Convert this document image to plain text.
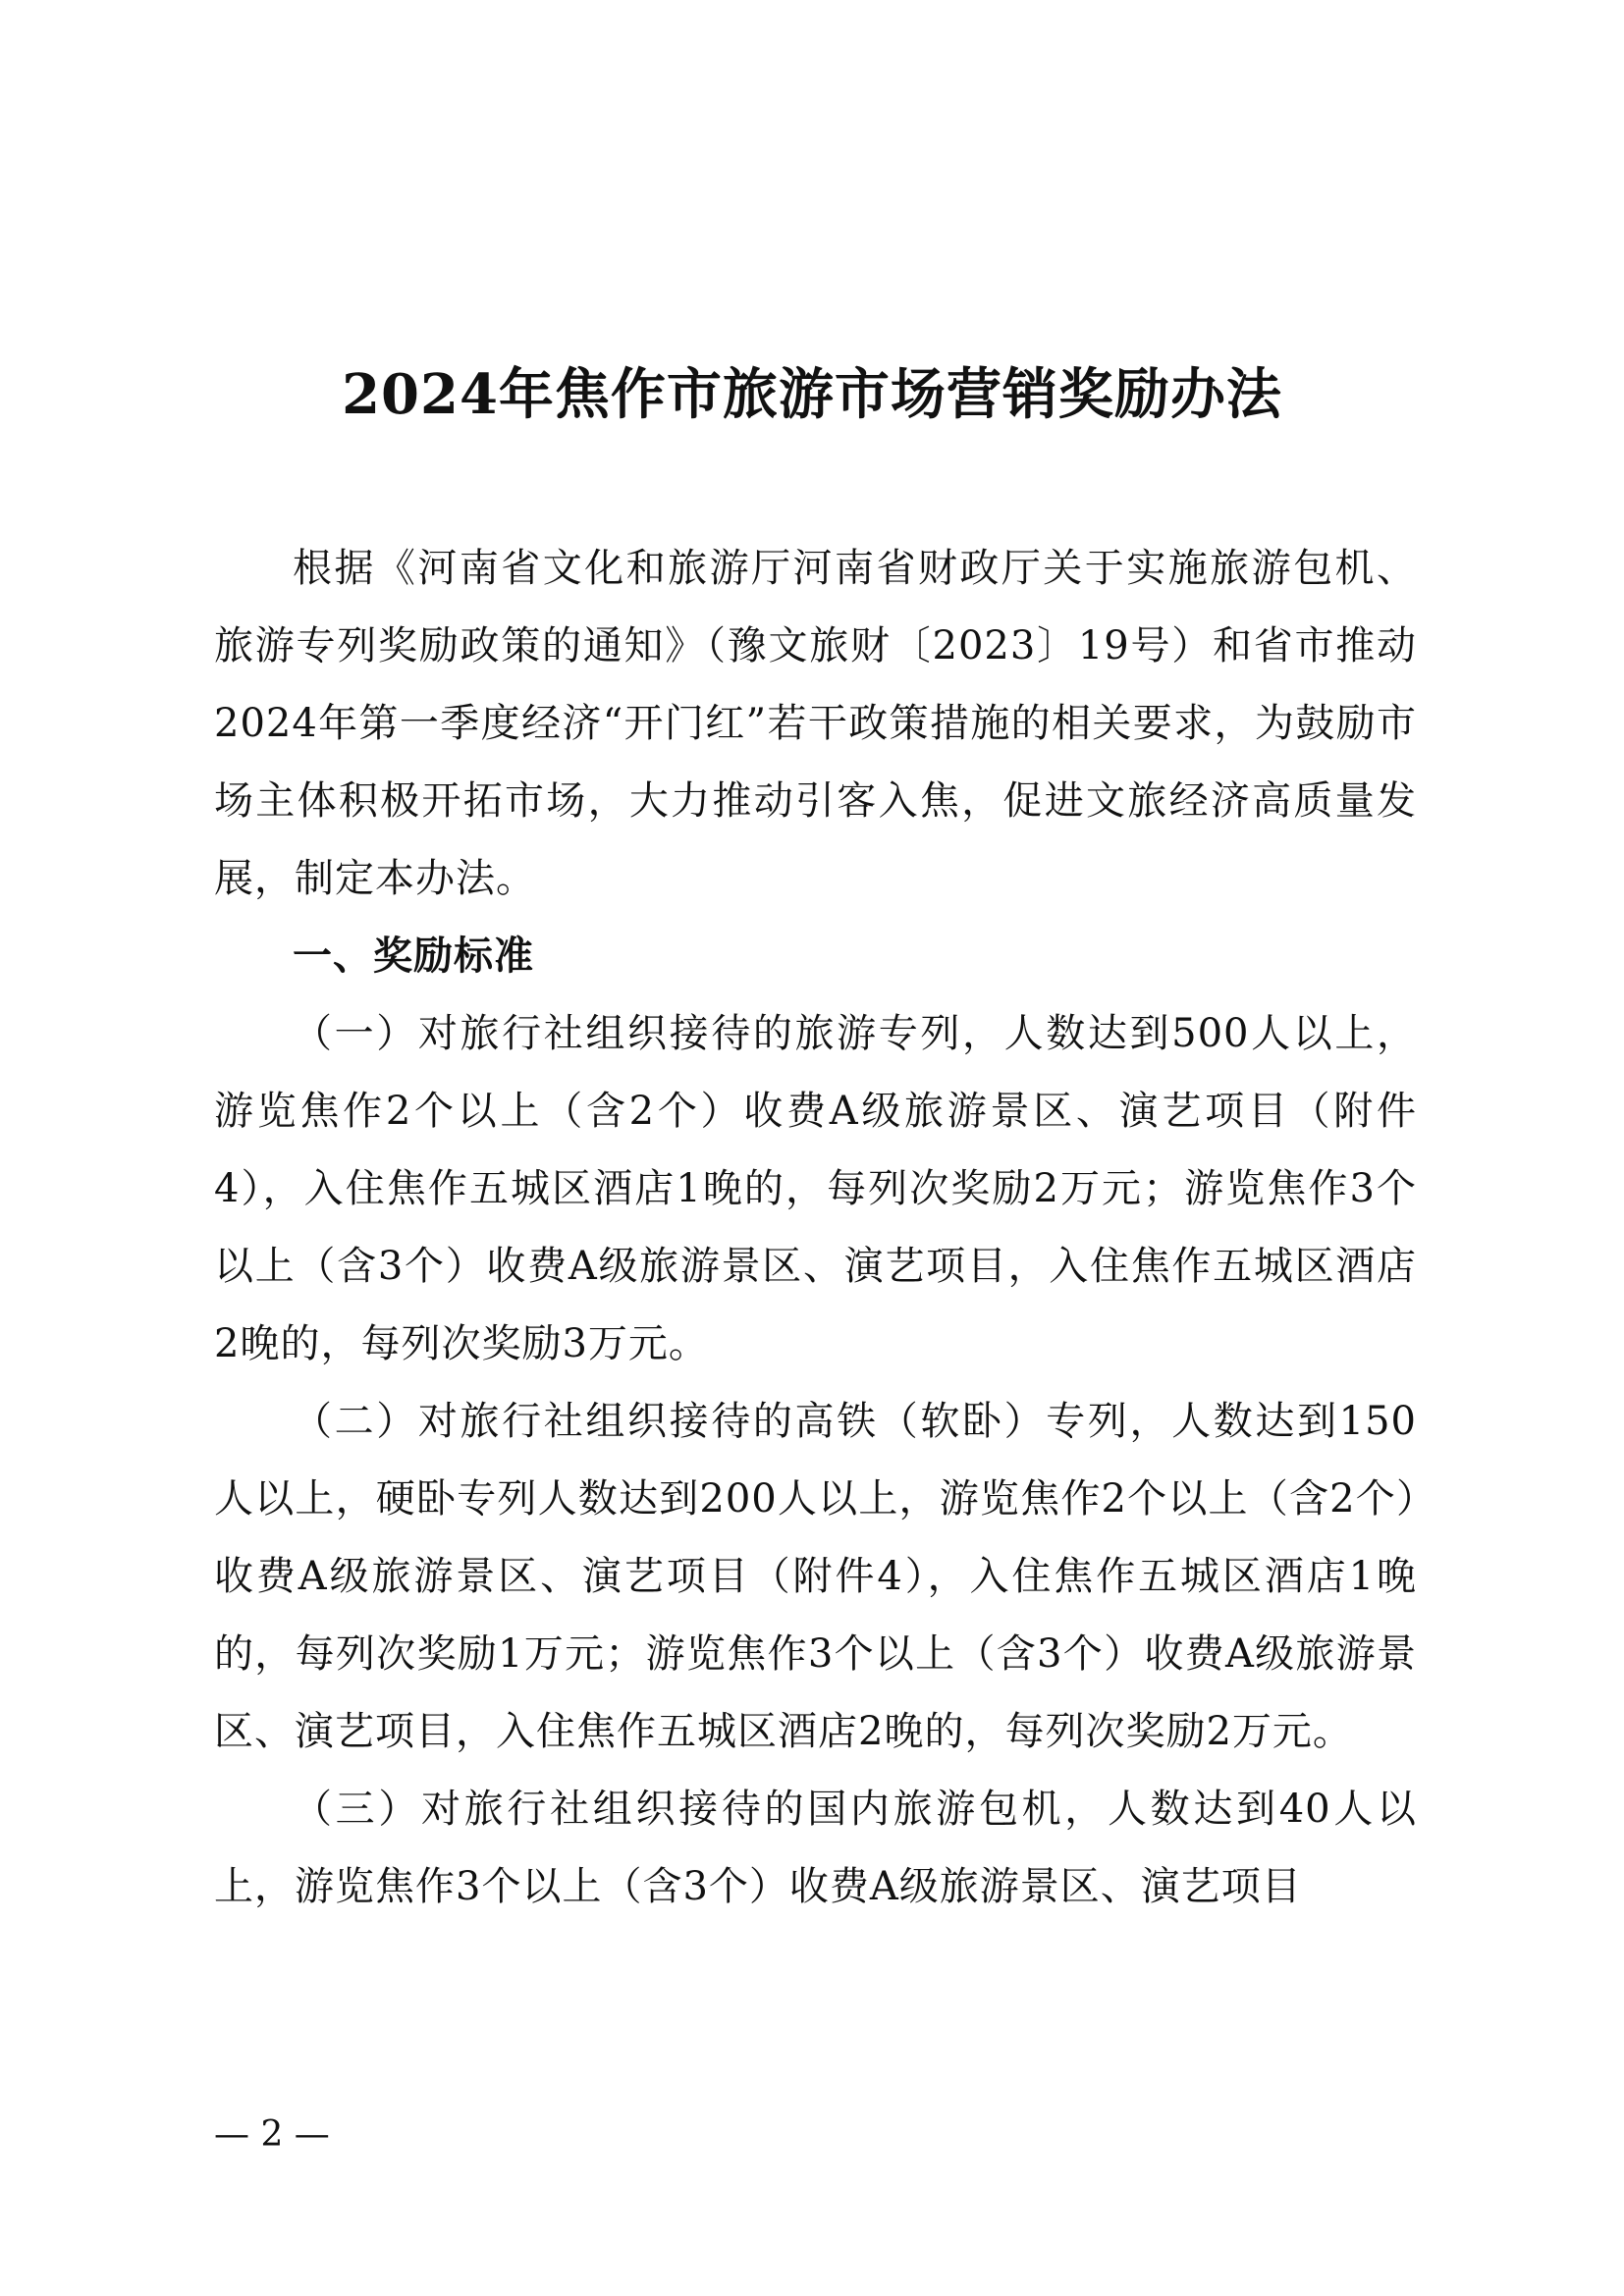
2024年焦作市旅游市场营销奖励办法

根据《河南省文化和旅游厅河南省财政厅关于实施旅游包机、旅游专列奖励政策的通知》（豫文旅财〔2023〕19号）和省市推动2024年第一季度经济“开门红”若干政策措施的相关要求，为鼓励市场主体积极开拓市场，大力推动引客入焦，促进文旅经济高质量发展，制定本办法。

一、奖励标准

（一）对旅行社组织接待的旅游专列，人数达到500人以上，游览焦作2个以上（含2个）收费A级旅游景区、演艺项目（附件4），入住焦作五城区酒店1晚的，每列次奖励2万元；游览焦作3个以上（含3个）收费A级旅游景区、演艺项目，入住焦作五城区酒店2晚的，每列次奖励3万元。

（二）对旅行社组织接待的高铁（软卧）专列，人数达到150人以上，硬卧专列人数达到200人以上，游览焦作2个以上（含2个）收费A级旅游景区、演艺项目（附件4），入住焦作五城区酒店1晚的，每列次奖励1万元；游览焦作3个以上（含3个）收费A级旅游景区、演艺项目，入住焦作五城区酒店2晚的，每列次奖励2万元。

（三）对旅行社组织接待的国内旅游包机，人数达到40人以上，游览焦作3个以上（含3个）收费A级旅游景区、演艺项目

— 2 —
